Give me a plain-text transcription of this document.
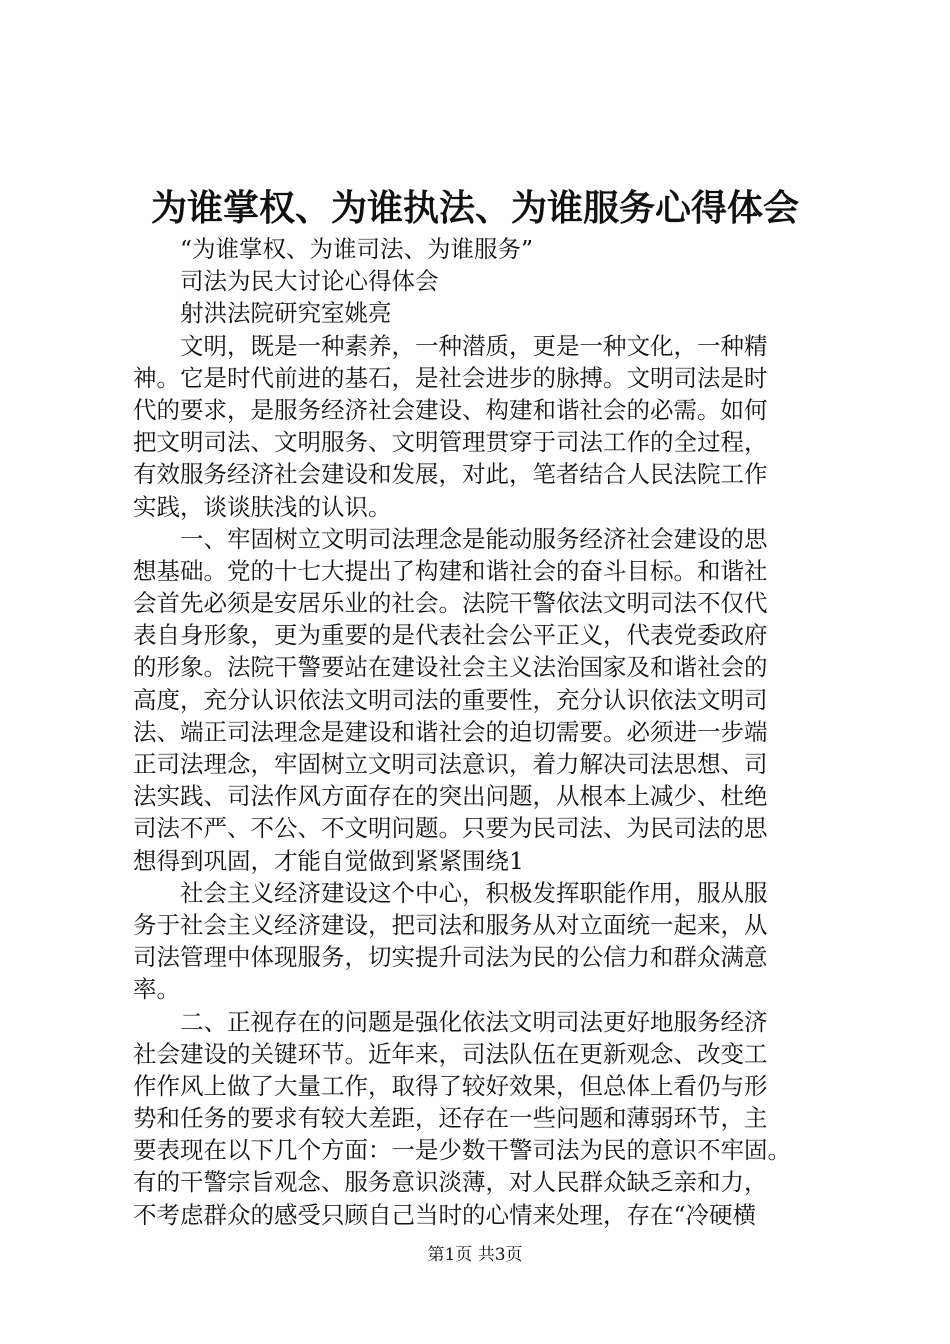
为谁掌权、为谁执法、为谁服务心得体会
“为谁掌权、为谁司法、为谁服务”
司法为民大讨论心得体会
射洪法院研究室姚亮
文明，既是一种素养，一种潜质，更是一种文化，一种精
神。它是时代前进的基石，是社会进步的脉搏。文明司法是时
代的要求，是服务经济社会建设、构建和谐社会的必需。如何
把文明司法、文明服务、文明管理贯穿于司法工作的全过程，
有效服务经济社会建设和发展，对此，笔者结合人民法院工作
实践，谈谈肤浅的认识。
一、牢固树立文明司法理念是能动服务经济社会建设的思
想基础。党的十七大提出了构建和谐社会的奋斗目标。和谐社
会首先必须是安居乐业的社会。法院干警依法文明司法不仅代
表自身形象，更为重要的是代表社会公平正义，代表党委政府
的形象。法院干警要站在建设社会主义法治国家及和谐社会的
高度，充分认识依法文明司法的重要性，充分认识依法文明司
法、端正司法理念是建设和谐社会的迫切需要。必须进一步端
正司法理念，牢固树立文明司法意识，着力解决司法思想、司
法实践、司法作风方面存在的突出问题，从根本上减少、杜绝
司法不严、不公、不文明问题。只要为民司法、为民司法的思
想得到巩固，才能自觉做到紧紧围绕1
社会主义经济建设这个中心，积极发挥职能作用，服从服
务于社会主义经济建设，把司法和服务从对立面统一起来，从
司法管理中体现服务，切实提升司法为民的公信力和群众满意
率。
二、正视存在的问题是强化依法文明司法更好地服务经济
社会建设的关键环节。近年来，司法队伍在更新观念、改变工
作作风上做了大量工作，取得了较好效果，但总体上看仍与形
势和任务的要求有较大差距，还存在一些问题和薄弱环节，主
要表现在以下几个方面：一是少数干警司法为民的意识不牢固。
有的干警宗旨观念、服务意识淡薄，对人民群众缺乏亲和力，
不考虑群众的感受只顾自己当时的心情来处理，存在“冷硬横
第1页 共3页
